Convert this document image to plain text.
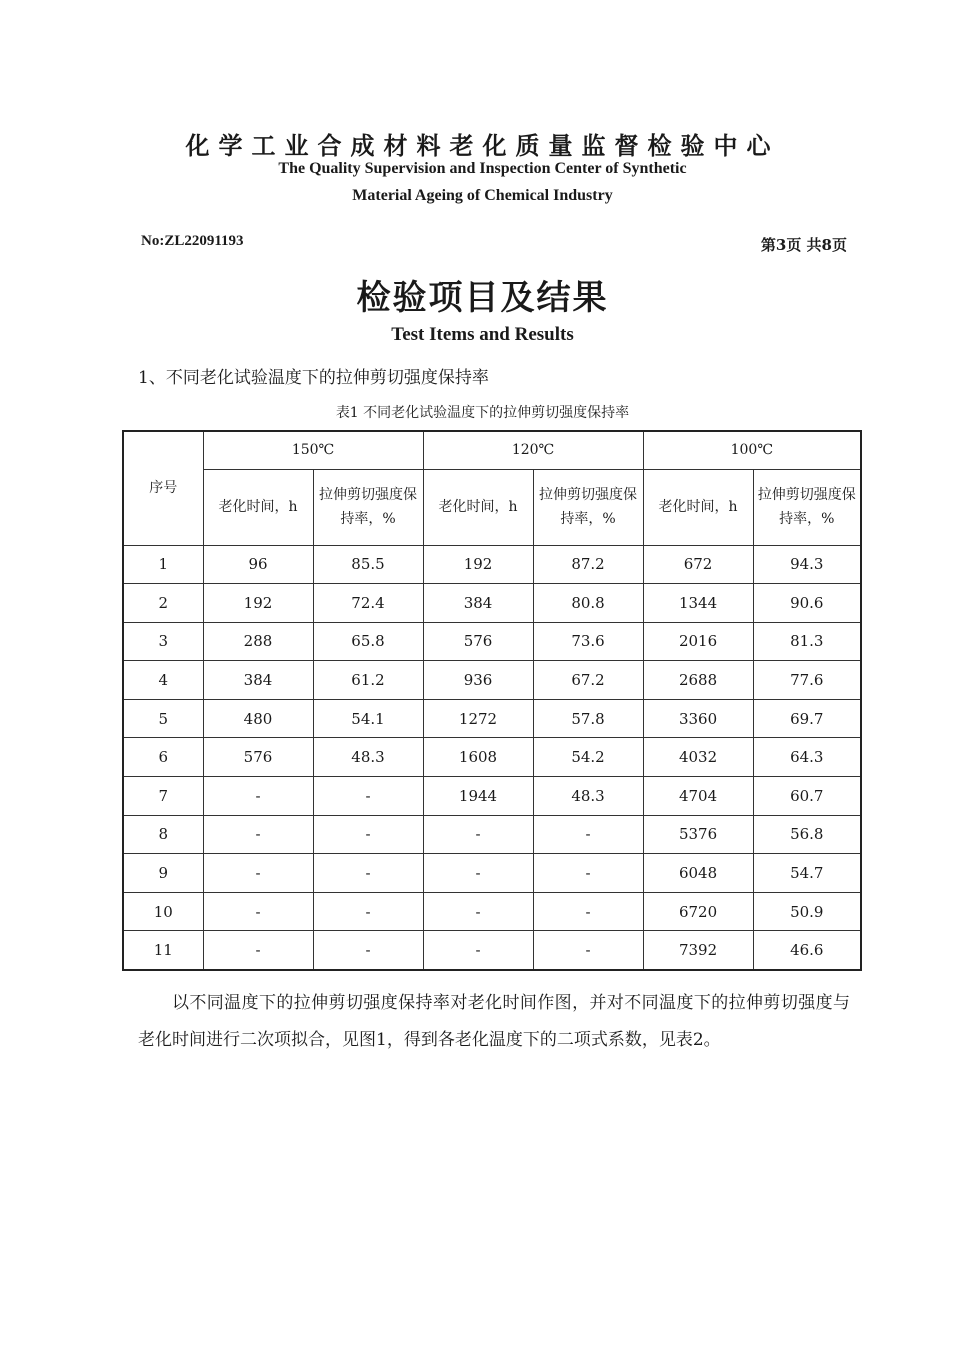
化学工业合成材料老化质量监督检验中心
The Quality Supervision and Inspection Center of Synthetic
Material Ageing of Chemical Industry
No:ZL22091193	第3页 共8页
检验项目及结果
Test Items and Results
1、不同老化试验温度下的拉伸剪切强度保持率
表1 不同老化试验温度下的拉伸剪切强度保持率
序号	150℃		120℃		100℃	
	老化时间，h	拉伸剪切强度保持率，%	老化时间，h	拉伸剪切强度保持率，%	老化时间，h	拉伸剪切强度保持率，%
1	96	85.5	192	87.2	672	94.3
2	192	72.4	384	80.8	1344	90.6
3	288	65.8	576	73.6	2016	81.3
4	384	61.2	936	67.2	2688	77.6
5	480	54.1	1272	57.8	3360	69.7
6	576	48.3	1608	54.2	4032	64.3
7	-	-	1944	48.3	4704	60.7
8	-	-	-	-	5376	56.8
9	-	-	-	-	6048	54.7
10	-	-	-	-	6720	50.9
11	-	-	-	-	7392	46.6
以不同温度下的拉伸剪切强度保持率对老化时间作图，并对不同温度下的拉伸剪切强度与老化时间进行二次项拟合，见图1，得到各老化温度下的二项式系数，见表2。
